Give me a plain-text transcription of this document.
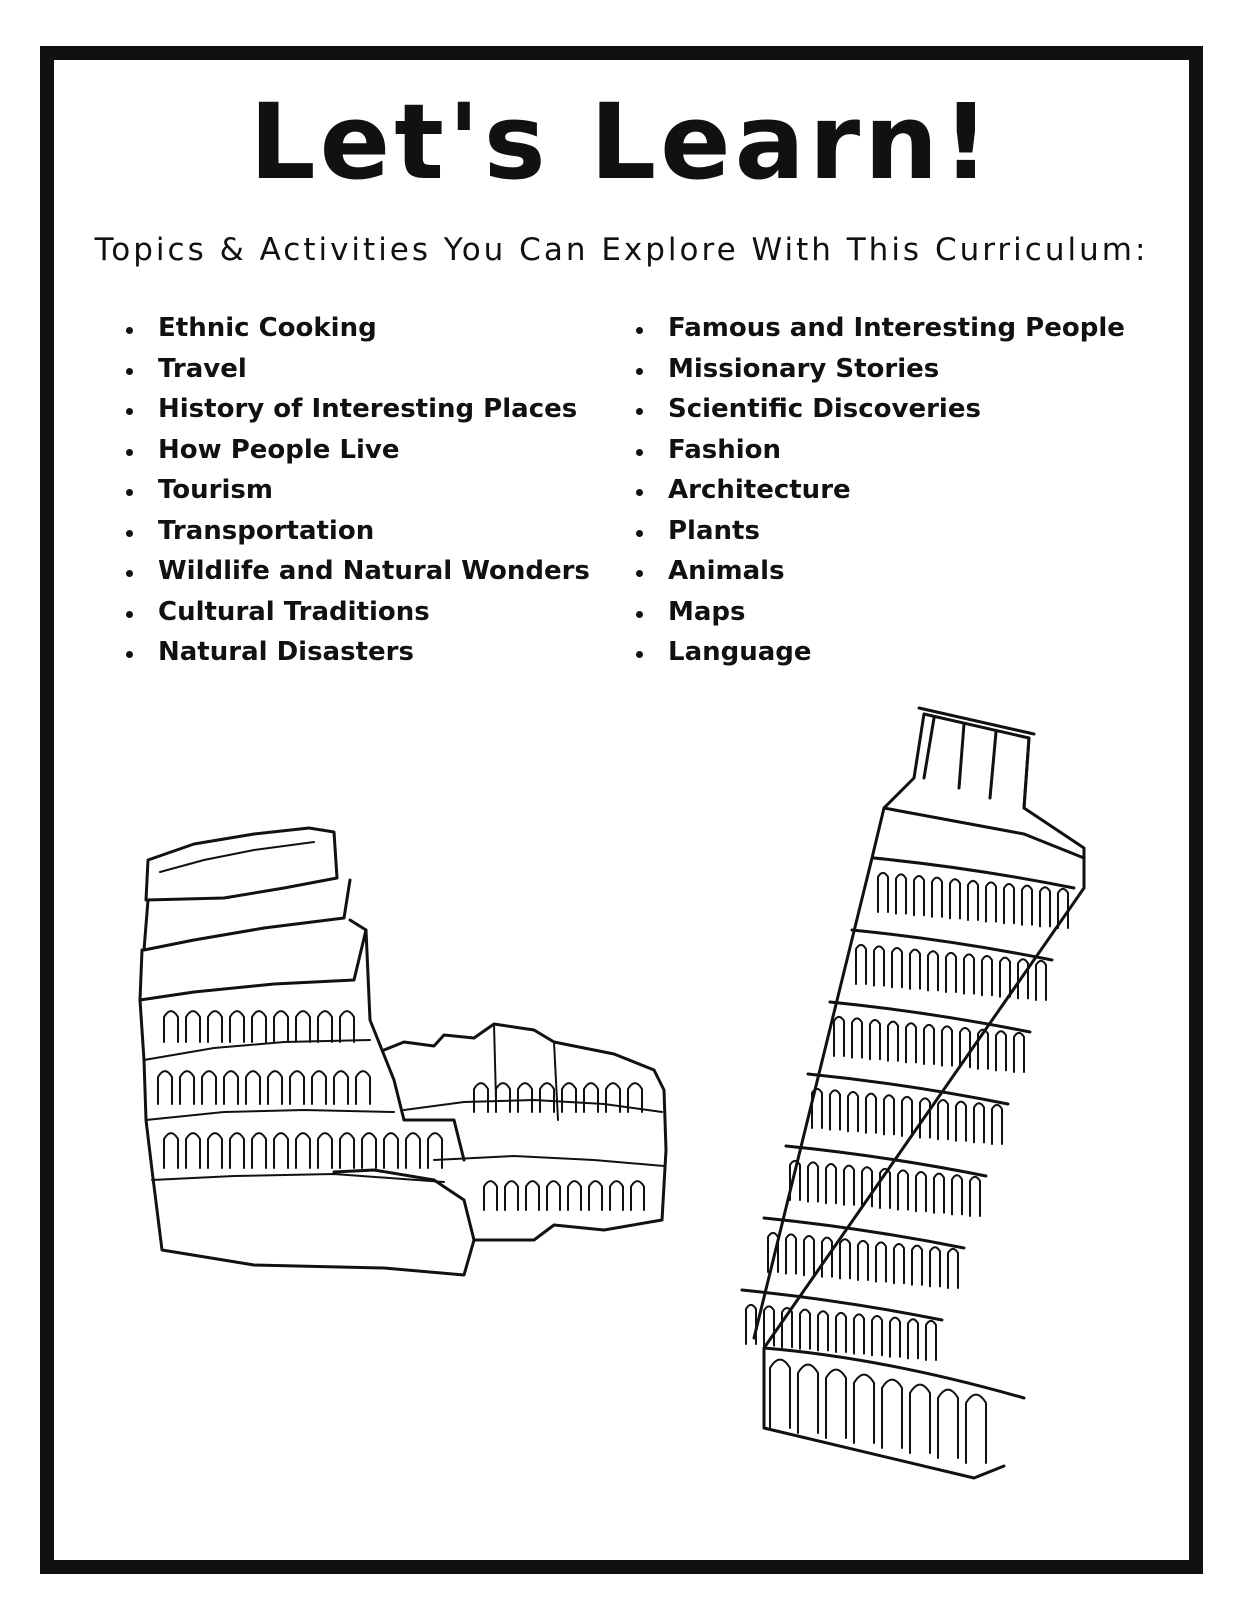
Let's Learn!
Topics & Activities You Can Explore With This Curriculum:
Ethnic Cooking
Travel
History of Interesting Places
How People Live
Tourism
Transportation
Wildlife and Natural Wonders
Cultural Traditions
Natural Disasters
Famous and Interesting People
Missionary Stories
Scientific Discoveries
Fashion
Architecture
Plants
Animals
Maps
Language
